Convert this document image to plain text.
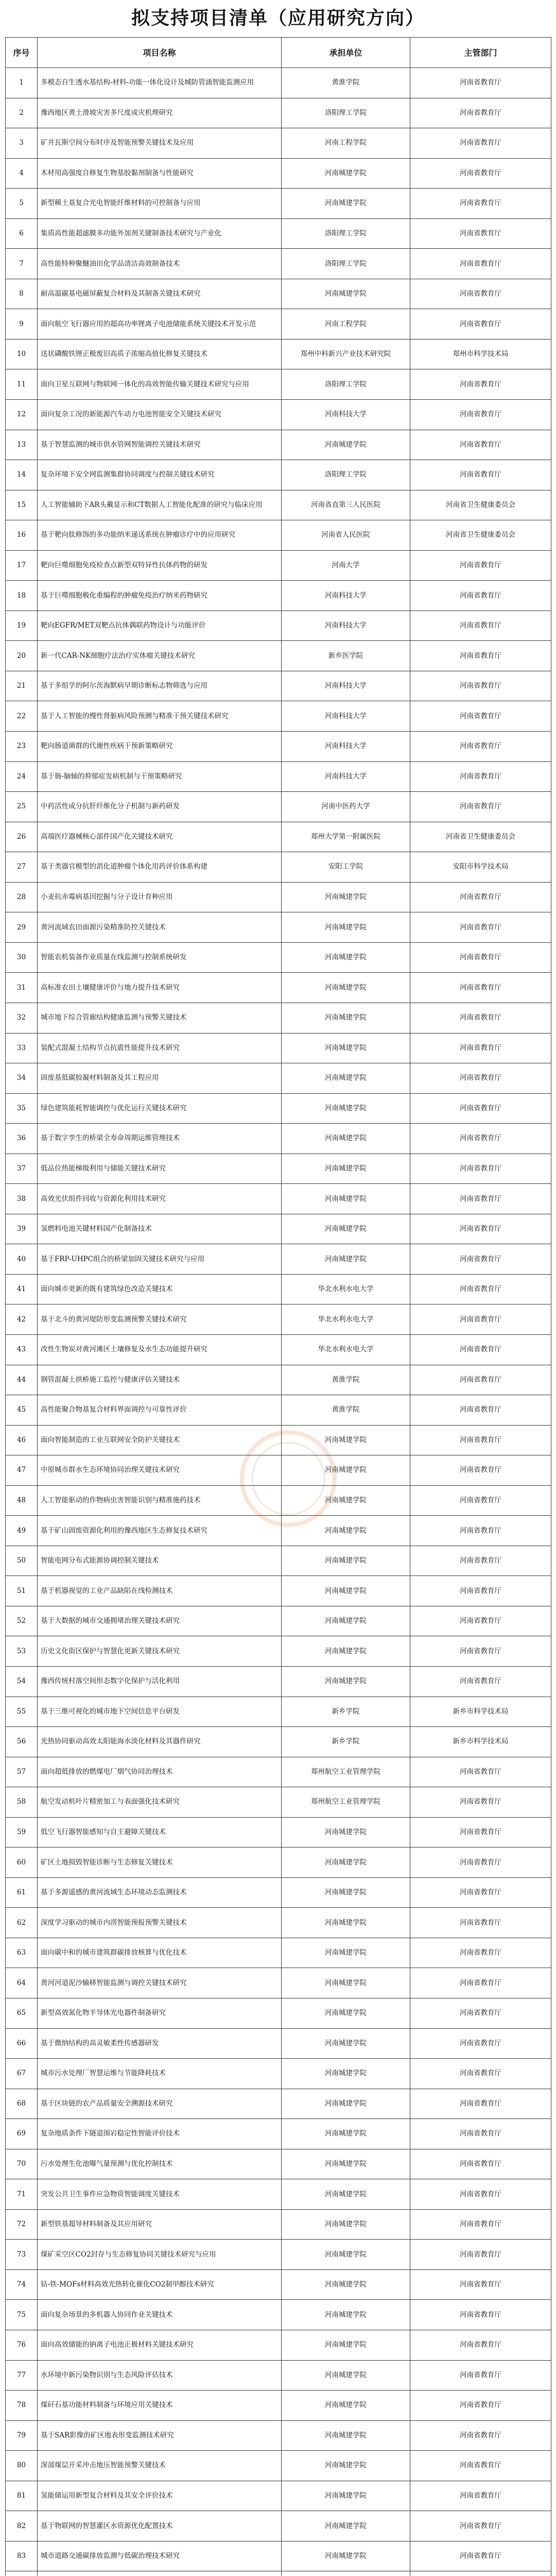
拟支持项目清单（应用研究方向）
序号	项目名称	承担单位	主管部门
1	多模态自生透水基结构-材料-功能一体化设计及城防管涌智能监测应用	黄淮学院	河南省教育厅
2	豫西地区黄土滑坡灾害多尺度成灾机理研究	洛阳理工学院	河南省教育厅
3	矿井瓦斯空间分布时序及智能预警关键技术及应用	河南工程学院	河南省教育厅
4	木材用高强度自修复生物基胶黏剂制备与性能研究	河南城建学院	河南省教育厅
5	新型稀土基复合光电智能纤维材料的可控制备与应用	河南城建学院	河南省教育厅
6	集质高性能超滤膜多功能外加剂关键制备技术研究与产业化	洛阳理工学院	河南省教育厅
7	高性能特种聚醚油田化学品清洁高效制备技术	洛阳理工学院	河南省教育厅
8	耐高温碳基电磁屏蔽复合材料及其制备关键技术研究	河南城建学院	河南省教育厅
9	面向航空飞行器应用的超高功率锂离子电池储能系统关键技术开发示范	河南工程学院	河南省教育厅
10	送状磷酸铁锂正极废旧高质子浓缩高值化修复关键技术	郑州中科新兴产业技术研究院	郑州市科学技术局
11	面向卫星互联网与物联网一体化的高效智能传输关键技术研究与应用	洛阳理工学院	河南省教育厅
12	面向复杂工况的新能源汽车动力电池智能安全关键技术研究	河南科技大学	河南省教育厅
13	基于智慧监测的城市供水管网智能调控关键技术研究	河南城建学院	河南省教育厅
14	复杂环境下安全网监测集群协同调度与控制关键技术研究	洛阳理工学院	河南省教育厅
15	人工智能辅助下AR头戴显示和CT数据人工智能化配准的研究与临床应用	河南省直第三人民医院	河南省卫生健康委员会
16	基于靶向肽修饰的多功能纳米递送系统在肿瘤诊疗中的应用研究	河南省人民医院	河南省卫生健康委员会
17	靶向巨噬细胞免疫检查点新型双特异性抗体药物的研发	河南大学	河南省教育厅
18	基于巨噬细胞极化重编程的肿瘤免疫治疗纳米药物研究	河南科技大学	河南省教育厅
19	靶向EGFR/MET双靶点抗体偶联药物设计与功能评价	河南科技大学	河南省教育厅
20	新一代CAR-NK细胞疗法治疗实体瘤关键技术研究	新乡医学院	河南省教育厅
21	基于多组学的阿尔茨海默病早期诊断标志物筛选与应用	河南科技大学	河南省教育厅
22	基于人工智能的慢性肾脏病风险预测与精准干预关键技术研究	河南科技大学	河南省教育厅
23	靶向肠道菌群的代谢性疾病干预新策略研究	河南科技大学	河南省教育厅
24	基于肠-脑轴的抑郁症发病机制与干预策略研究	河南科技大学	河南省教育厅
25	中药活性成分抗肝纤维化分子机制与新药研发	河南中医药大学	河南省教育厅
26	高端医疗器械核心部件国产化关键技术研究	郑州大学第一附属医院	河南省卫生健康委员会
27	基于类器官模型的消化道肿瘤个体化用药评价体系构建	安阳工学院	安阳市科学技术局
28	小麦抗赤霉病基因挖掘与分子设计育种应用	河南城建学院	河南省教育厅
29	黄河流域农田面源污染精准防控关键技术	河南城建学院	河南省教育厅
30	智能农机装备作业质量在线监测与控制系统研发	河南城建学院	河南省教育厅
31	高标准农田土壤健康评价与地力提升技术研究	河南城建学院	河南省教育厅
32	城市地下综合管廊结构健康监测与预警关键技术	河南城建学院	河南省教育厅
33	装配式混凝土结构节点抗震性能提升技术研究	河南城建学院	河南省教育厅
34	固废基低碳胶凝材料制备及其工程应用	河南城建学院	河南省教育厅
35	绿色建筑能耗智能调控与优化运行关键技术研究	河南城建学院	河南省教育厅
36	基于数字孪生的桥梁全寿命周期运维管理技术	河南城建学院	河南省教育厅
37	低品位热能梯级利用与储能关键技术研究	河南城建学院	河南省教育厅
38	高效光伏组件回收与资源化利用技术研究	河南城建学院	河南省教育厅
39	氢燃料电池关键材料国产化制备技术	河南城建学院	河南省教育厅
40	基于FRP-UHPC组合的桥梁加固关键技术研究与应用	河南城建学院	河南省教育厅
41	面向城市更新的既有建筑绿色改造关键技术	华北水利水电大学	河南省教育厅
42	基于北斗的黄河堤防形变监测预警关键技术研究	华北水利水电大学	河南省教育厅
43	改性生物炭对黄河滩区土壤修复及水生态功能提升研究	华北水利水电大学	河南省教育厅
44	钢管混凝土拱桥施工监控与健康评估关键技术	黄淮学院	河南省教育厅
45	高性能聚合物基复合材料界面调控与可靠性评价	黄淮学院	河南省教育厅
46	面向智能制造的工业互联网安全防护关键技术	河南城建学院	河南省教育厅
47	中原城市群水生态环境协同治理关键技术研究	河南城建学院	河南省教育厅
48	人工智能驱动的作物病虫害智能识别与精准施药技术	河南城建学院	河南省教育厅
49	基于矿山固废资源化利用的豫西地区生态修复技术研究	河南城建学院	河南省教育厅
50	智能电网分布式能源协调控制关键技术	河南城建学院	河南省教育厅
51	基于机器视觉的工业产品缺陷在线检测技术	河南城建学院	河南省教育厅
52	基于大数据的城市交通拥堵治理关键技术研究	河南城建学院	河南省教育厅
53	历史文化街区保护与智慧化更新关键技术研究	河南城建学院	河南省教育厅
54	豫西传统村落空间形态数字化保护与活化利用	河南城建学院	河南省教育厅
55	基于三维可视化的城市地下空间信息平台研发	新乡学院	新乡市科学技术局
56	光热协同驱动高效太阳能海水淡化材料及其器件研究	新乡学院	新乡市科学技术局
57	面向超低排放的燃煤电厂烟气协同治理技术	郑州航空工业管理学院	河南省教育厅
58	航空发动机叶片精密加工与表面强化技术研究	郑州航空工业管理学院	河南省教育厅
59	低空飞行器智能感知与自主避障关键技术	河南城建学院	河南省教育厅
60	矿区土地损毁智能诊断与生态修复关键技术	河南城建学院	河南省教育厅
61	基于多源遥感的黄河流域生态环境动态监测技术	河南城建学院	河南省教育厅
62	深度学习驱动的城市内涝智能预报预警关键技术	河南城建学院	河南省教育厅
63	面向碳中和的城市建筑群碳排放核算与优化技术	河南城建学院	河南省教育厅
64	黄河河道泥沙输移智能监测与调控关键技术研究	河南城建学院	河南省教育厅
65	新型高效氮化物半导体光电器件制备研究	河南城建学院	河南省教育厅
66	基于微纳结构的高灵敏柔性传感器研发	河南城建学院	河南省教育厅
67	城市污水处理厂智慧运维与节能降耗技术	河南城建学院	河南省教育厅
68	基于区块链的农产品质量安全溯源技术研究	河南城建学院	河南省教育厅
69	复杂地质条件下隧道围岩稳定性智能评价技术	河南城建学院	河南省教育厅
70	污水处理生化池曝气量预测与优化控制技术	河南城建学院	河南省教育厅
71	突发公共卫生事件应急物资智能调度关键技术	河南城建学院	河南省教育厅
72	新型铁基超导材料制备及其应用研究	河南城建学院	河南省教育厅
73	煤矿采空区CO2封存与生态修复协同关键技术研究与应用	河南城建学院	河南省教育厅
74	钴-铁-MOFs材料高效光热转化催化CO2制甲醇技术研究	河南城建学院	河南省教育厅
75	面向复杂场景的多机器人协同作业关键技术	河南城建学院	河南省教育厅
76	面向高效储能的钠离子电池正极材料关键技术研究	河南城建学院	河南省教育厅
77	水环境中新污染物识别与生态风险评估技术	河南城建学院	河南省教育厅
78	煤矸石基功能材料制备与环境应用关键技术	河南城建学院	河南省教育厅
79	基于SAR影像的矿区地表形变监测技术研究	河南城建学院	河南省教育厅
80	深部煤层开采冲击地压智能预警关键技术	河南城建学院	河南省教育厅
81	氢能储运用新型复合材料及其安全评价技术	河南城建学院	河南省教育厅
82	基于物联网的智慧灌区水资源优化配置技术	河南城建学院	河南省教育厅
83	城市道路交通碳排放监测与低碳治理技术研究	河南城建学院	河南省教育厅
